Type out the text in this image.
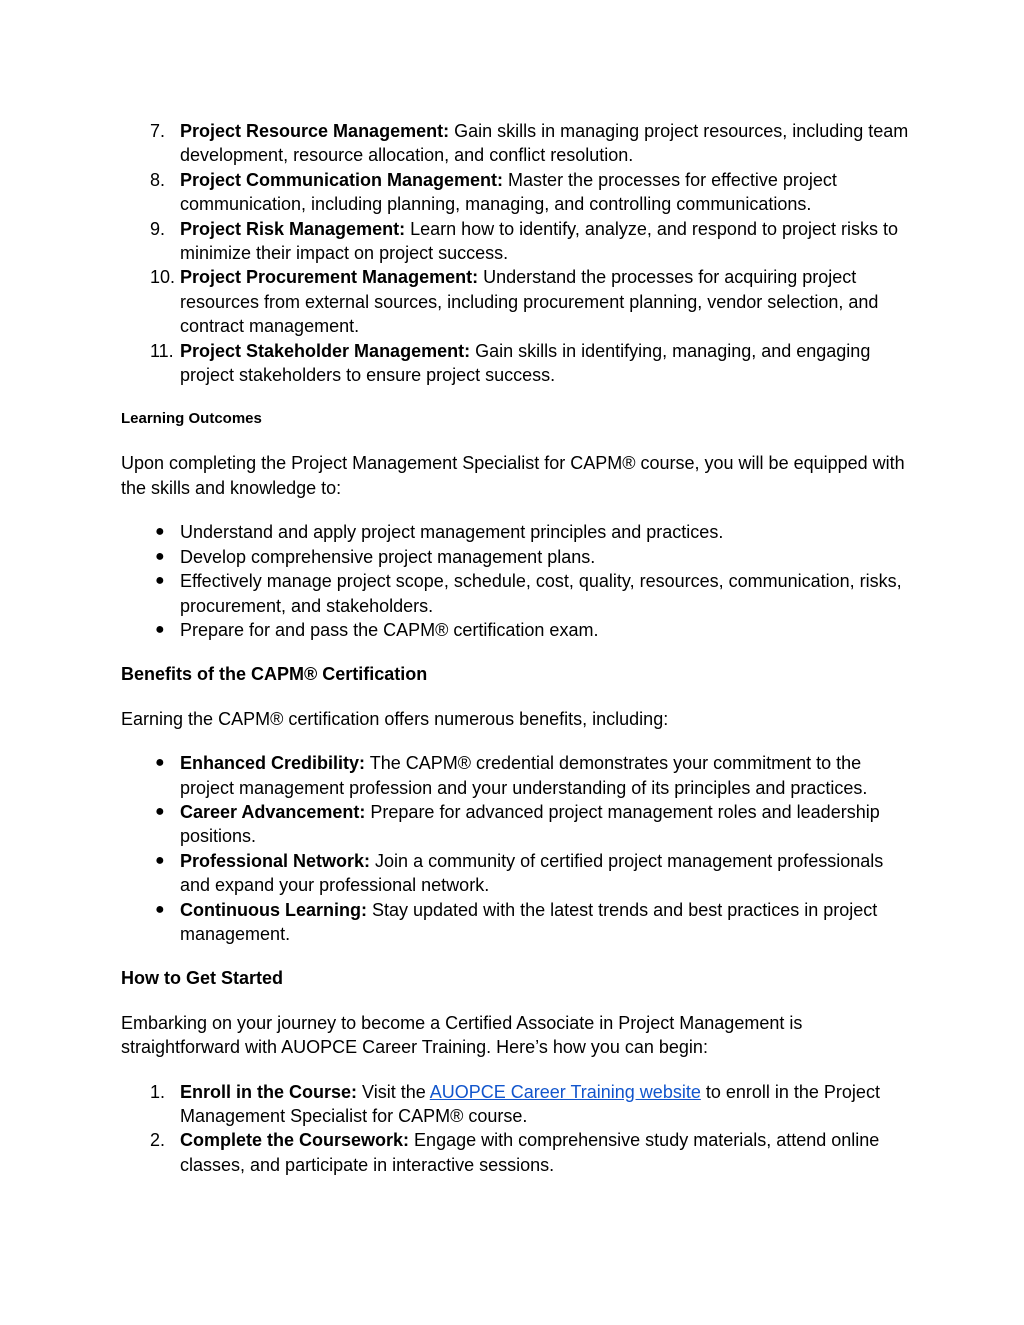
7. Project Resource Management: Gain skills in managing project resources, including team development, resource allocation, and conflict resolution.
8. Project Communication Management: Master the processes for effective project communication, including planning, managing, and controlling communications.
9. Project Risk Management: Learn how to identify, analyze, and respond to project risks to minimize their impact on project success.
10. Project Procurement Management: Understand the processes for acquiring project resources from external sources, including procurement planning, vendor selection, and contract management.
11. Project Stakeholder Management: Gain skills in identifying, managing, and engaging project stakeholders to ensure project success.
Learning Outcomes

Upon completing the Project Management Specialist for CAPM® course, you will be equipped with the skills and knowledge to:

● Understand and apply project management principles and practices.
● Develop comprehensive project management plans.
● Effectively manage project scope, schedule, cost, quality, resources, communication, risks, procurement, and stakeholders.
● Prepare for and pass the CAPM® certification exam.
Benefits of the CAPM® Certification

Earning the CAPM® certification offers numerous benefits, including:

● Enhanced Credibility: The CAPM® credential demonstrates your commitment to the project management profession and your understanding of its principles and practices.
● Career Advancement: Prepare for advanced project management roles and leadership positions.
● Professional Network: Join a community of certified project management professionals and expand your professional network.
● Continuous Learning: Stay updated with the latest trends and best practices in project management.
How to Get Started

Embarking on your journey to become a Certified Associate in Project Management is straightforward with AUOPCE Career Training. Here’s how you can begin:

1. Enroll in the Course: Visit the AUOPCE Career Training website to enroll in the Project Management Specialist for CAPM® course.
2. Complete the Coursework: Engage with comprehensive study materials, attend online classes, and participate in interactive sessions.
